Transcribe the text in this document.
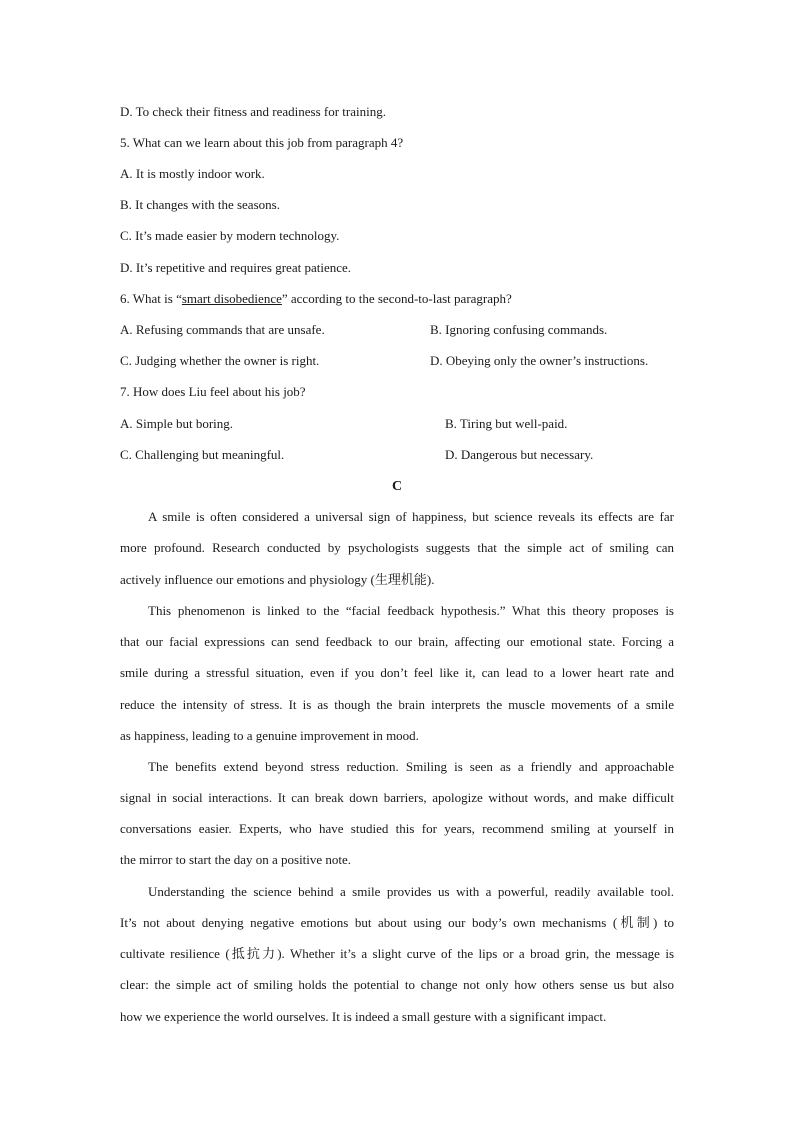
D. To check their fitness and readiness for training.
5. What can we learn about this job from paragraph 4?
A. It is mostly indoor work.
B. It changes with the seasons.
C. It’s made easier by modern technology.
D. It’s repetitive and requires great patience.
6. What is “smart disobedience” according to the second-to-last paragraph?
A. Refusing commands that are unsafe.	B. Ignoring confusing commands.
C. Judging whether the owner is right.	D. Obeying only the owner’s instructions.
7. How does Liu feel about his job?
A. Simple but boring.	B. Tiring but well-paid.
C. Challenging but meaningful.	D. Dangerous but necessary.
C
A smile is often considered a universal sign of happiness, but science reveals its effects are far
more profound. Research conducted by psychologists suggests that the simple act of smiling can
actively influence our emotions and physiology (生理机能).
This phenomenon is linked to the “facial feedback hypothesis.” What this theory proposes is
that our facial expressions can send feedback to our brain, affecting our emotional state. Forcing a
smile during a stressful situation, even if you don’t feel like it, can lead to a lower heart rate and
reduce the intensity of stress. It is as though the brain interprets the muscle movements of a smile
as happiness, leading to a genuine improvement in mood.
The benefits extend beyond stress reduction. Smiling is seen as a friendly and approachable
signal in social interactions. It can break down barriers, apologize without words, and make difficult
conversations easier. Experts, who have studied this for years, recommend smiling at yourself in
the mirror to start the day on a positive note.
Understanding the science behind a smile provides us with a powerful, readily available tool.
It’s not about denying negative emotions but about using our body’s own mechanisms (机制) to
cultivate resilience (抵抗力). Whether it’s a slight curve of the lips or a broad grin, the message is
clear: the simple act of smiling holds the potential to change not only how others sense us but also
how we experience the world ourselves. It is indeed a small gesture with a significant impact.
